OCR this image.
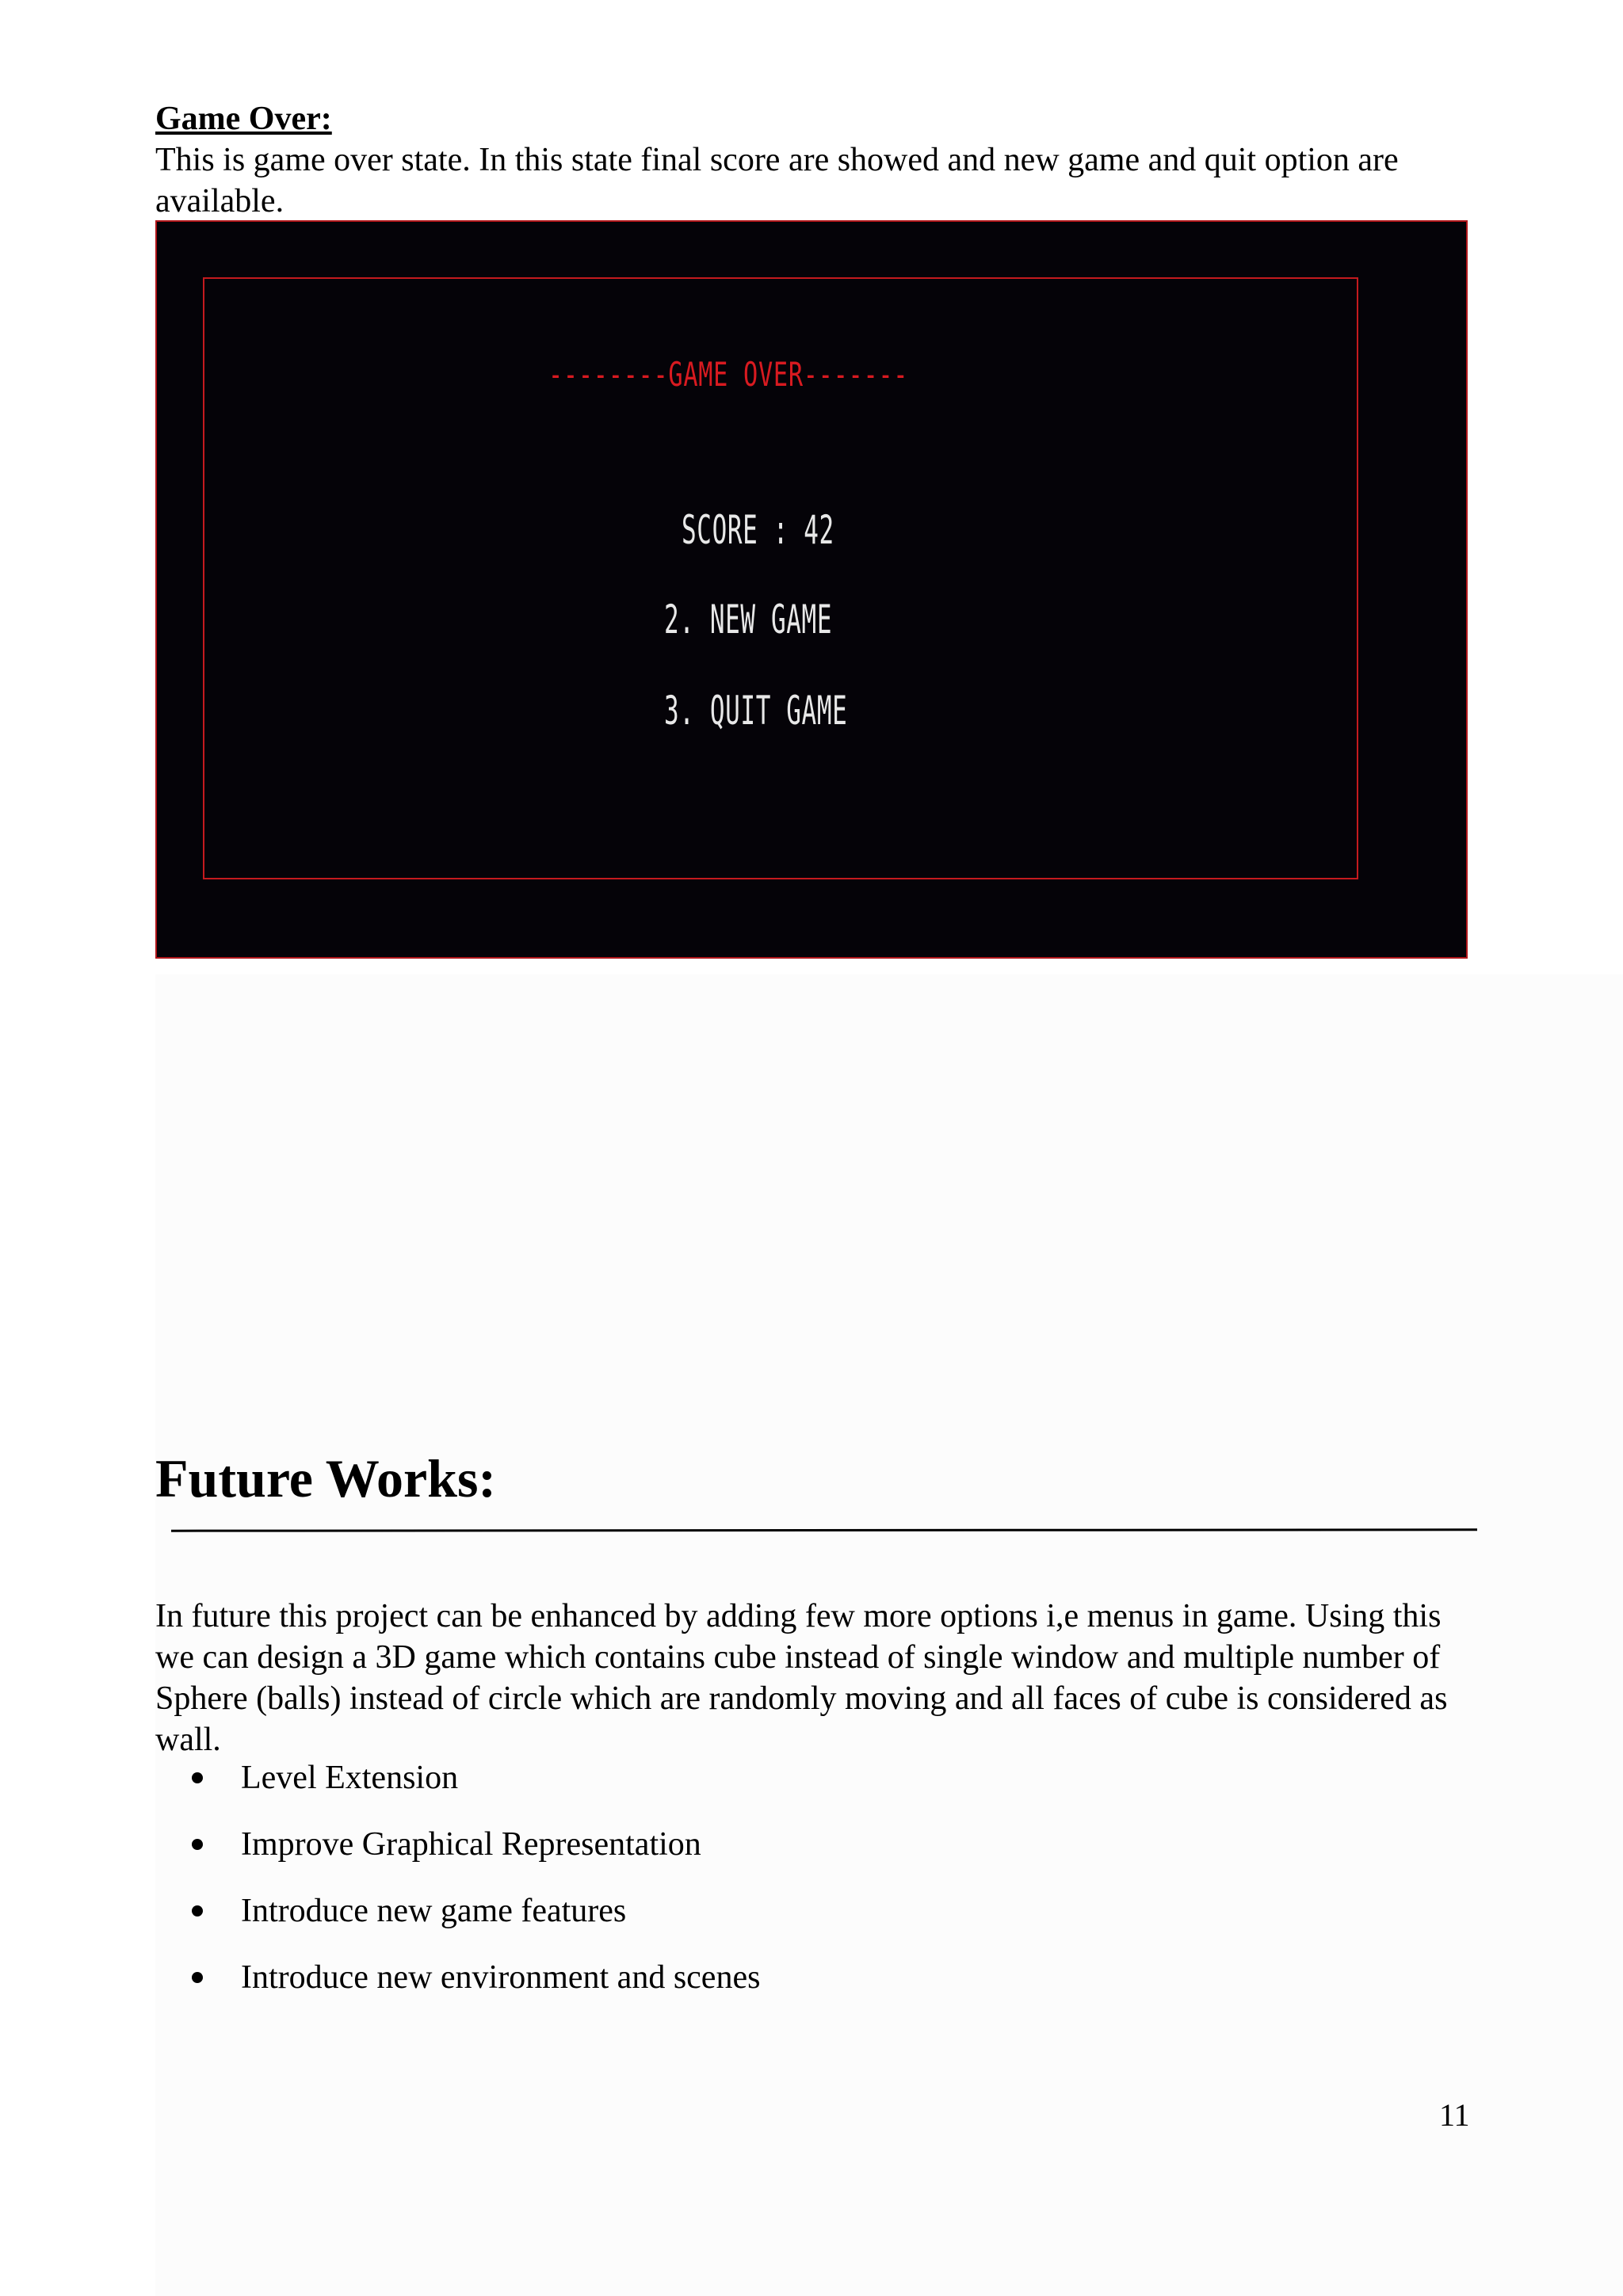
Game Over:

This is game over state. In this state final score are showed and new game and quit option are available.

--------GAME OVER-------
SCORE : 42
2. NEW GAME
3. QUIT GAME
Future Works:

In future this project can be enhanced by adding few more options i,e menus in game. Using this we can design a 3D game which contains cube instead of single window and multiple number of Sphere (balls) instead of circle which are randomly moving and all faces of cube is considered as wall.

Level Extension
Improve Graphical Representation
Introduce new game features
Introduce new environment and scenes
11
